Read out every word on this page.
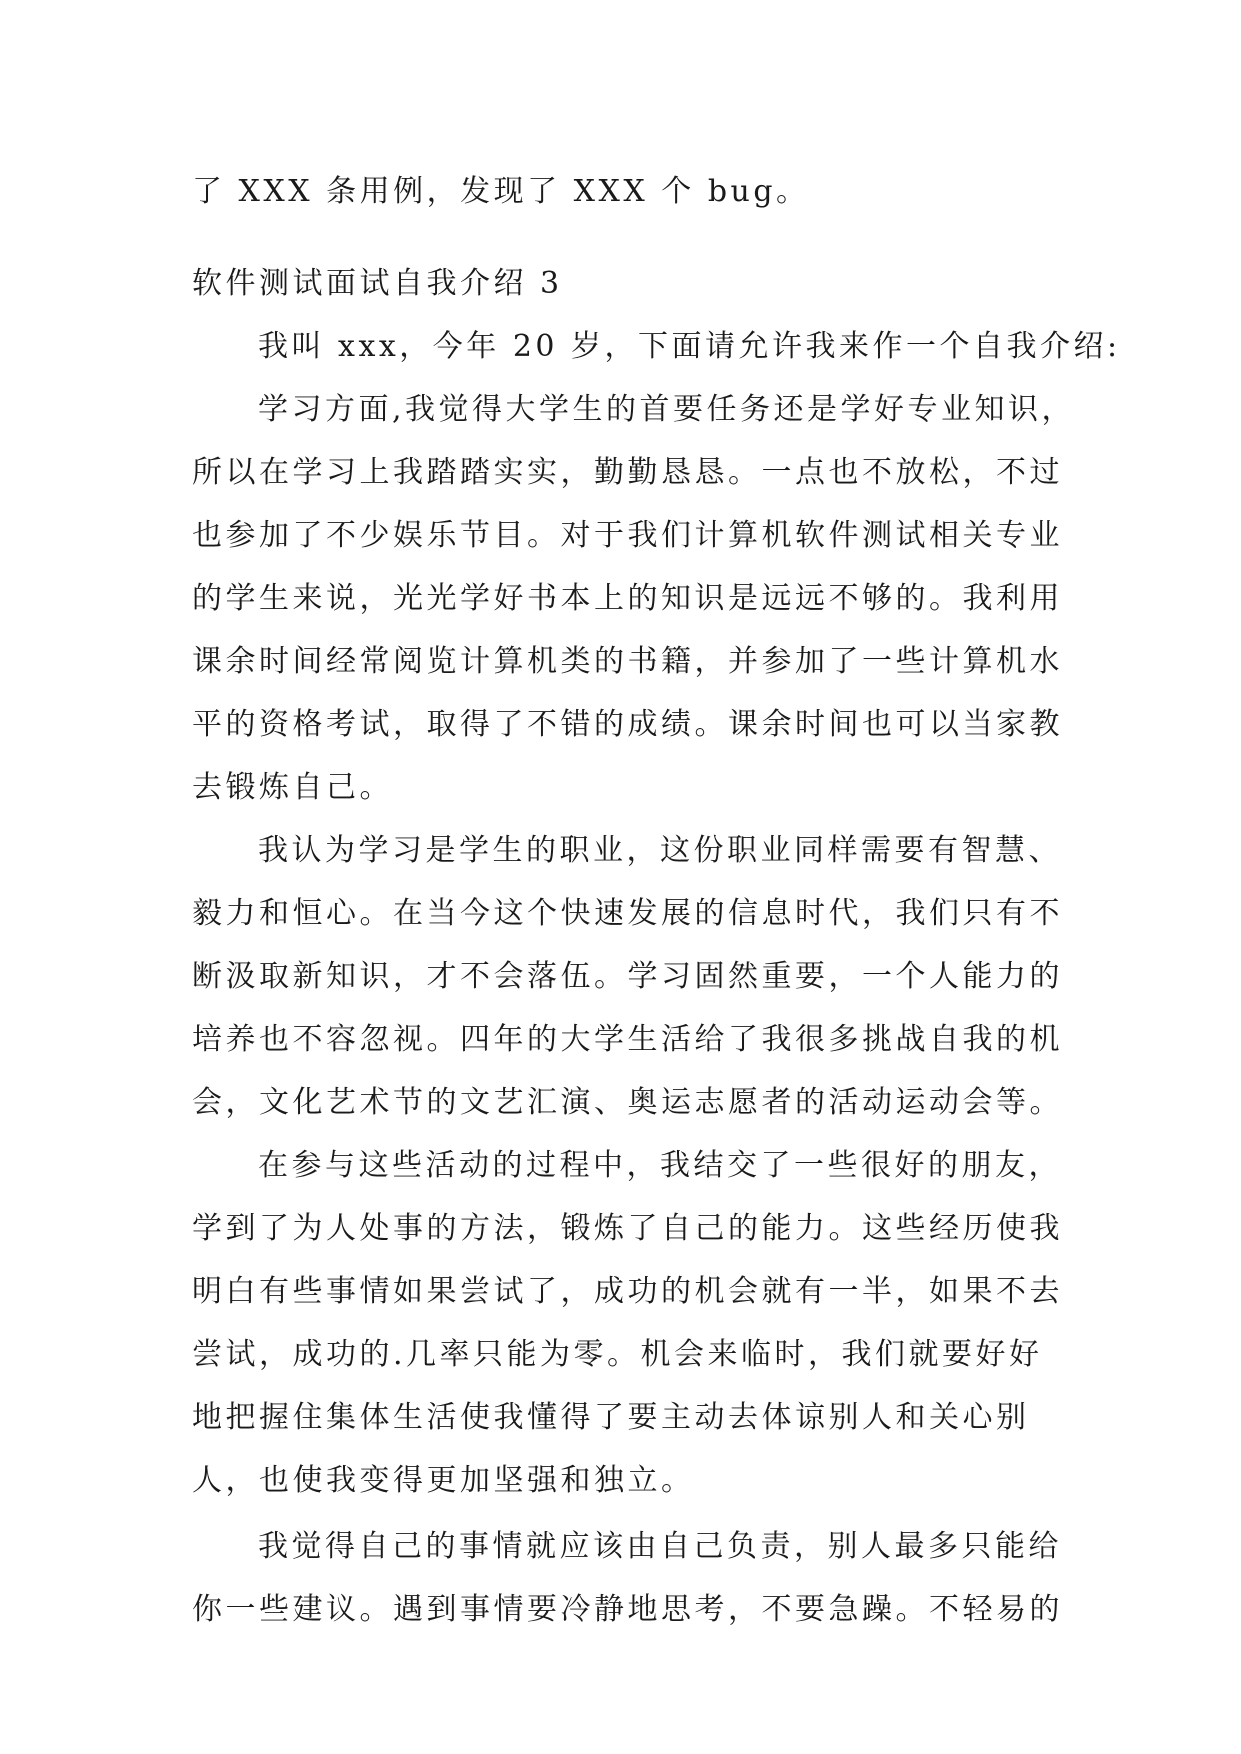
了 XXX 条用例，发现了 XXX 个 bug。
软件测试面试自我介绍 3
我叫 xxx，今年 20 岁，下面请允许我来作一个自我介绍:
学习方面,我觉得大学生的首要任务还是学好专业知识，
所以在学习上我踏踏实实，勤勤恳恳。一点也不放松，不过
也参加了不少娱乐节目。对于我们计算机软件测试相关专业
的学生来说，光光学好书本上的知识是远远不够的。我利用
课余时间经常阅览计算机类的书籍，并参加了一些计算机水
平的资格考试，取得了不错的成绩。课余时间也可以当家教
去锻炼自己。
我认为学习是学生的职业，这份职业同样需要有智慧、
毅力和恒心。在当今这个快速发展的信息时代，我们只有不
断汲取新知识，才不会落伍。学习固然重要，一个人能力的
培养也不容忽视。四年的大学生活给了我很多挑战自我的机
会，文化艺术节的文艺汇演、奥运志愿者的活动运动会等。
在参与这些活动的过程中，我结交了一些很好的朋友，
学到了为人处事的方法，锻炼了自己的能力。这些经历使我
明白有些事情如果尝试了，成功的机会就有一半，如果不去
尝试，成功的.几率只能为零。机会来临时，我们就要好好
地把握住集体生活使我懂得了要主动去体谅别人和关心别
人，也使我变得更加坚强和独立。
我觉得自己的事情就应该由自己负责，别人最多只能给
你一些建议。遇到事情要冷静地思考，不要急躁。不轻易的
